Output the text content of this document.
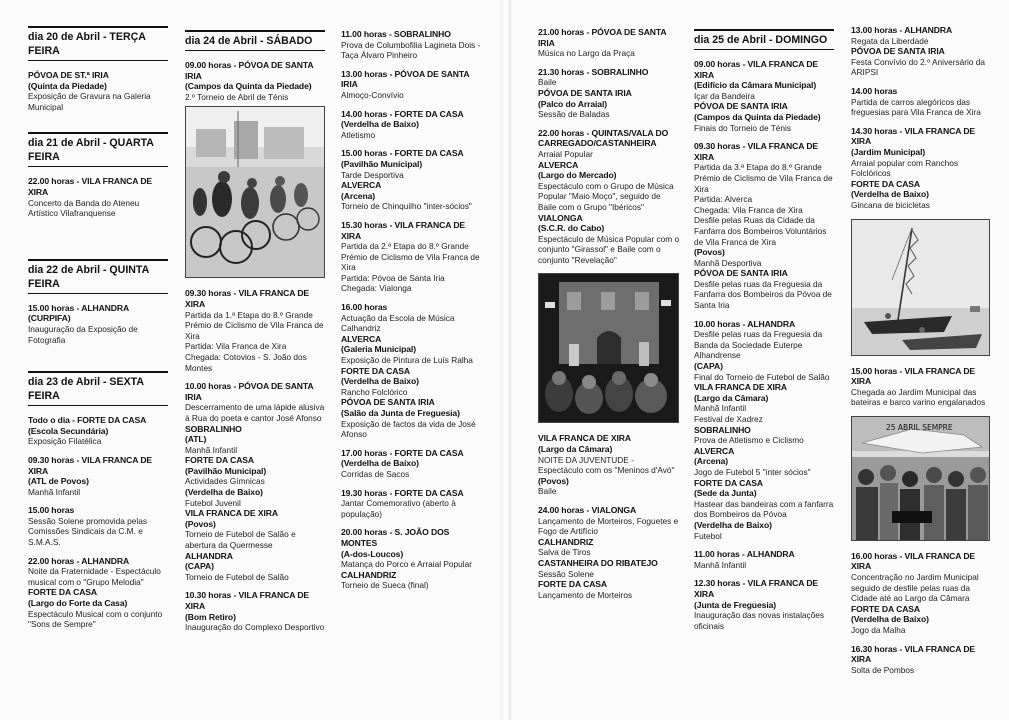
dia 20 de Abril - TERÇA FEIRA
PÓVOA DE ST.ª IRIA
(Quinta da Piedade)
Exposição de Gravura na Galeria Municipal
dia 21 de Abril - QUARTA FEIRA
22.00 horas - VILA FRANCA DE XIRA
Concerto da Banda do Ateneu Artístico Vilafranquense
dia 22 de Abril - QUINTA FEIRA
15.00 horas - ALHANDRA
(CURPIFA)
Inauguração da Exposição de Fotografia
dia 23 de Abril - SEXTA FEIRA
Todo o dia - FORTE DA CASA
(Escola Secundária)
Exposição Filatélica
09.30 horas - VILA FRANCA DE XIRA
(ATL de Povos)
Manhã Infantil
15.00 horas
Sessão Solene promovida pelas Comissões Sindicais da C.M. e S.M.A.S.
22.00 horas - ALHANDRA
Noite da Fraternidade - Espectáculo musical com o "Grupo Melodia"
FORTE DA CASA
(Largo do Forte da Casa)
Espectáculo Musical com o conjunto "Sons de Sempre"
dia 24 de Abril - SÁBADO
09.00 horas - PÓVOA DE SANTA IRIA
(Campos da Quinta da Piedade)
2.º Torneio de Abril de Ténis
09.30 horas - VILA FRANCA DE XIRA
Partida da 1.ª Etapa do 8.º Grande Prémio de Ciclismo de Vila Franca de Xira
Partida: Vila Franca de Xira
Chegada: Cotovios - S. João dos Montes
10.00 horas - PÓVOA DE SANTA IRIA
Descerramento de uma lápide alusiva à Rua do poeta e cantor José Afonso
SOBRALINHO
(ATL)
Manhã Infantil
FORTE DA CASA
(Pavilhão Municipal)
Actividades Gímnicas
(Verdelha de Baixo)
Futebol Juvenil
VILA FRANCA DE XIRA
(Povos)
Torneio de Futebol de Salão e abertura da Quermesse
ALHANDRA
(CAPA)
Torneio de Futebol de Salão
10.30 horas - VILA FRANCA DE XIRA
(Bom Retiro)
Inauguração do Complexo Desportivo
11.00 horas - SOBRALINHO
Prova de Columbofilia Lagineta Dois - Taça Álvaro Pinheiro
13.00 horas - PÓVOA DE SANTA IRIA
Almoço-Convívio
14.00 horas - FORTE DA CASA
(Verdelha de Baixo)
Atletismo
15.00 horas - FORTE DA CASA
(Pavilhão Municipal)
Tarde Desportiva
ALVERCA
(Arcena)
Torneio de Chinquilho "inter-sócios"
15.30 horas - VILA FRANCA DE XIRA
Partida da 2.ª Etapa do 8.º Grande Prémio de Ciclismo de Vila Franca de Xira
Partida: Póvoa de Santa Iria
Chegada: Vialonga
16.00 horas
Actuação da Escola de Música Calhandriz
ALVERCA
(Galeria Municipal)
Exposição de Pintura de Luís Ralha
FORTE DA CASA
(Verdelha de Baixo)
Rancho Folclórico
PÓVOA DE SANTA IRIA
(Salão da Junta de Freguesia)
Exposição de factos da vida de José Afonso
17.00 horas - FORTE DA CASA
(Verdelha de Baixo)
Corridas de Sacos
19.30 horas - FORTE DA CASA
Jantar Comemorativo (aberto à população)
20.00 horas - S. JOÃO DOS MONTES
(A-dos-Loucos)
Matança do Porco e Arraial Popular
CALHANDRIZ
Torneio de Sueca (final)
21.00 horas - PÓVOA DE SANTA IRIA
Música no Largo da Praça
21.30 horas - SOBRALINHO
Baile
PÓVOA DE SANTA IRIA
(Palco do Arraial)
Sessão de Baladas
22.00 horas - QUINTAS/VALA DO CARREGADO/CASTANHEIRA
Arraial Popular
ALVERCA
(Largo do Mercado)
Espectáculo com o Grupo de Música Popular "Maio Moço", seguido de Baile com o Grupo "Ibéricos"
VIALONGA
(S.C.R. do Cabo)
Espectáculo de Música Popular com o conjunto "Girassol" e Baile com o conjunto "Revelação"
VILA FRANCA DE XIRA
(Largo da Câmara)
NOITE DA JUVENTUDE - Espectáculo com os "Meninos d'Avó"
(Povos)
Baile
24.00 horas - VIALONGA
Lançamento de Morteiros, Foguetes e Fogo de Artifício
CALHANDRIZ
Salva de Tiros
CASTANHEIRA DO RIBATEJO
Sessão Solene
FORTE DA CASA
Lançamento de Morteiros
dia 25 de Abril - DOMINGO
09.00 horas - VILA FRANCA DE XIRA
(Edifício da Câmara Municipal)
Içar da Bandeira
PÓVOA DE SANTA IRIA
(Campos da Quinta da Piedade)
Finais do Torneio de Ténis
09.30 horas - VILA FRANCA DE XIRA
Partida da 3.ª Etapa do 8.º Grande Prémio de Ciclismo de Vila Franca de Xira
Partida: Alverca
Chegada: Vila Franca de Xira
Desfile pelas Ruas da Cidade da Fanfarra dos Bombeiros Voluntários de Vila Franca de Xira
(Povos)
Manhã Desportiva
PÓVOA DE SANTA IRIA
Desfile pelas ruas da Freguesia da Fanfarra dos Bombeiros da Póvoa de Santa Iria
10.00 horas - ALHANDRA
Desfile pelas ruas da Freguesia da Banda da Sociedade Euterpe Alhandrense
(CAPA)
Final do Torneio de Futebol de Salão
VILA FRANCA DE XIRA
(Largo da Câmara)
Manhã Infantil
Festival de Xadrez
SOBRALINHO
Prova de Atletismo e Ciclismo
ALVERCA
(Arcena)
Jogo de Futebol 5 "inter sócios"
FORTE DA CASA
(Sede da Junta)
Hastear das bandeiras com a fanfarra dos Bombeiros da Póvoa
(Verdelha de Baixo)
Futebol
11.00 horas - ALHANDRA
Manhã Infantil
12.30 horas - VILA FRANCA DE XIRA
(Junta de Freguesia)
Inauguração das novas instalações oficinais
13.00 horas - ALHANDRA
Regata da Liberdade
PÓVOA DE SANTA IRIA
Festa Convívio do 2.º Aniversário da ARIPSI
14.00 horas
Partida de carros alegóricos das freguesias para Vila Franca de Xira
14.30 horas - VILA FRANCA DE XIRA
(Jardim Municipal)
Arraial popular com Ranchos Folclóricos
FORTE DA CASA
(Verdelha de Baixo)
Gincana de bicicletas
15.00 horas - VILA FRANCA DE XIRA
Chegada ao Jardim Municipal das bateiras e barco varino engalanados
25 ABRIL SEMPRE
16.00 horas - VILA FRANCA DE XIRA
Concentração no Jardim Municipal seguido de desfile pelas ruas da Cidade até ao Largo da Câmara
FORTE DA CASA
(Verdelha de Baixo)
Jogo da Malha
16.30 horas - VILA FRANCA DE XIRA
Solta de Pombos
